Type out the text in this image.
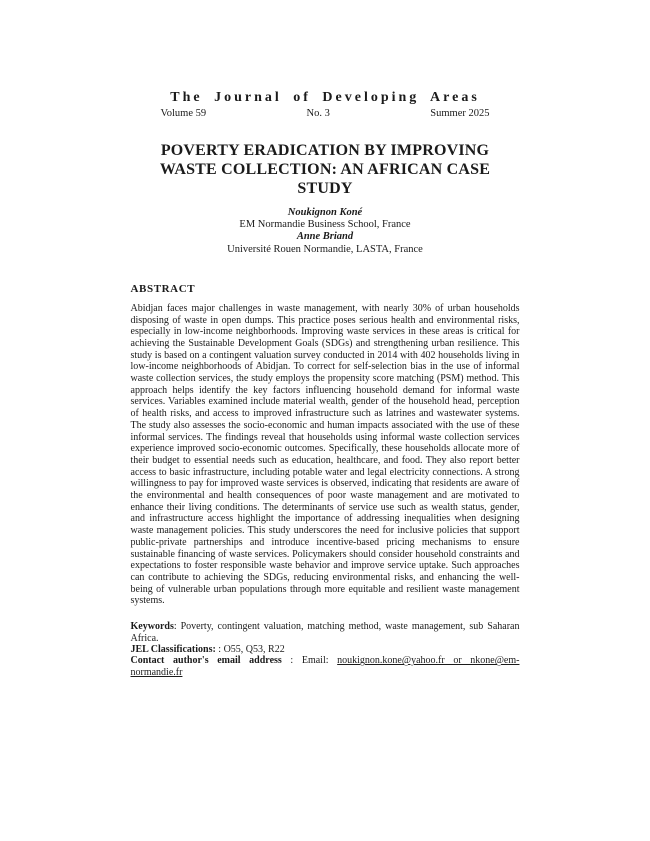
The Journal of Developing Areas
Volume 59	No. 3	Summer 2025
POVERTY ERADICATION BY IMPROVING
WASTE COLLECTION: AN AFRICAN CASE
STUDY
Noukignon Koné
EM Normandie Business School, France
Anne Briand
Université Rouen Normandie, LASTA, France
ABSTRACT

Abidjan faces major challenges in waste management, with nearly 30% of urban households disposing of waste in open dumps. This practice poses serious health and environmental risks, especially in low-income neighborhoods. Improving waste services in these areas is critical for achieving the Sustainable Development Goals (SDGs) and strengthening urban resilience. This study is based on a contingent valuation survey conducted in 2014 with 402 households living in low-income neighborhoods of Abidjan. To correct for self-selection bias in the use of informal waste collection services, the study employs the propensity score matching (PSM) method. This approach helps identify the key factors influencing household demand for informal waste services. Variables examined include material wealth, gender of the household head, perception of health risks, and access to improved infrastructure such as latrines and wastewater systems. The study also assesses the socio-economic and human impacts associated with the use of these informal services. The findings reveal that households using informal waste collection services experience improved socio-economic outcomes. Specifically, these households allocate more of their budget to essential needs such as education, healthcare, and food. They also report better access to basic infrastructure, including potable water and legal electricity connections. A strong willingness to pay for improved waste services is observed, indicating that residents are aware of the environmental and health consequences of poor waste management and are motivated to enhance their living conditions. The determinants of service use such as wealth status, gender, and infrastructure access highlight the importance of addressing inequalities when designing waste management policies. This study underscores the need for inclusive policies that support public-private partnerships and introduce incentive-based pricing mechanisms to ensure sustainable financing of waste services. Policymakers should consider household constraints and expectations to foster responsible waste behavior and improve service uptake. Such approaches can contribute to achieving the SDGs, reducing environmental risks, and enhancing the well-being of vulnerable urban populations through more equitable and resilient waste management systems.

Keywords: Poverty, contingent valuation, matching method, waste management, sub Saharan Africa.

JEL Classifications: : O55, Q53, R22

Contact author's email address : Email: noukignon.kone@yahoo.fr or nkone@em-normandie.fr
